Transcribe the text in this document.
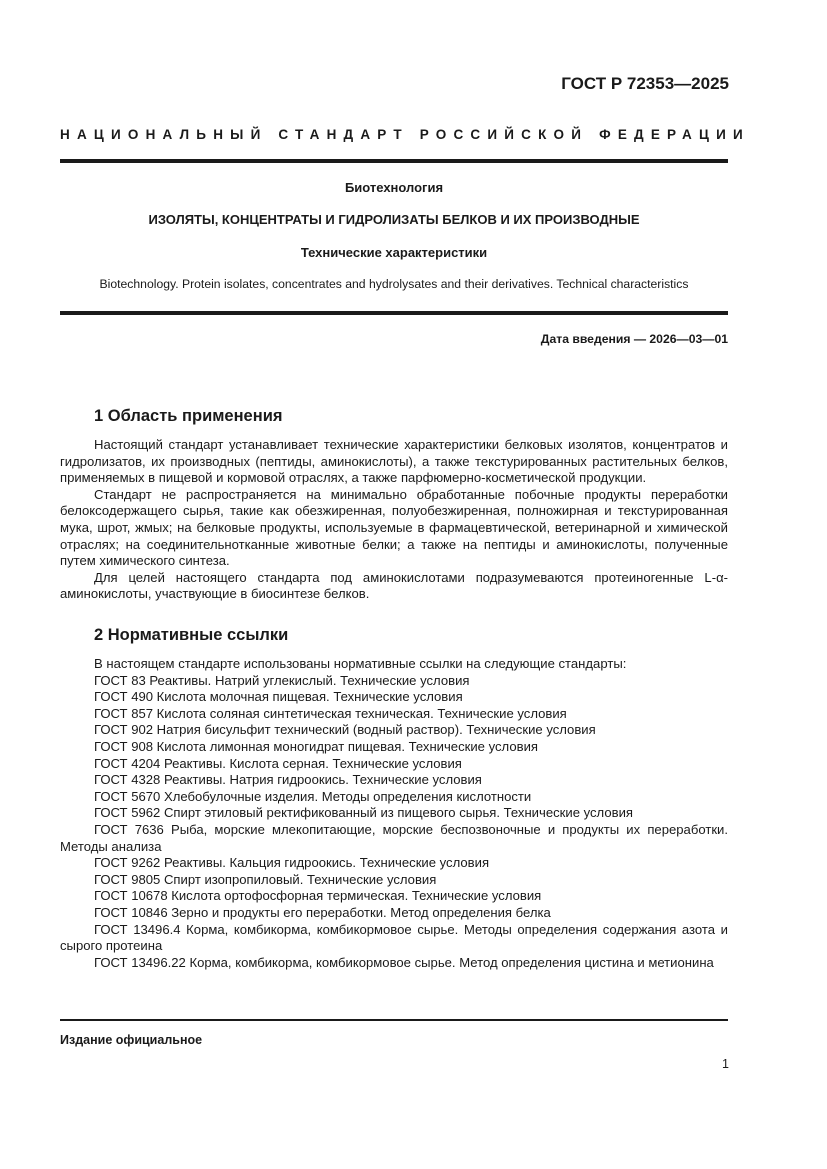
ГОСТ Р 72353—2025
НАЦИОНАЛЬНЫЙ СТАНДАРТ РОССИЙСКОЙ ФЕДЕРАЦИИ
Биотехнология
ИЗОЛЯТЫ, КОНЦЕНТРАТЫ И ГИДРОЛИЗАТЫ БЕЛКОВ И ИХ ПРОИЗВОДНЫЕ
Технические характеристики
Biotechnology. Protein isolates, concentrates and hydrolysates and their derivatives. Technical characteristics
Дата введения — 2026—03—01
1 Область применения

Настоящий стандарт устанавливает технические характеристики белковых изолятов, концентратов и гидролизатов, их производных (пептиды, аминокислоты), а также текстурированных растительных белков, применяемых в пищевой и кормовой отраслях, а также парфюмерно-косметической продукции.

Стандарт не распространяется на минимально обработанные побочные продукты переработки белоксодержащего сырья, такие как обезжиренная, полуобезжиренная, полножирная и текстурированная мука, шрот, жмых; на белковые продукты, используемые в фармацевтической, ветеринарной и химической отраслях; на соединительнотканные животные белки; а также на пептиды и аминокислоты, полученные путем химического синтеза.

Для целей настоящего стандарта под аминокислотами подразумеваются протеиногенные L-α-аминокислоты, участвующие в биосинтезе белков.

2 Нормативные ссылки

В настоящем стандарте использованы нормативные ссылки на следующие стандарты:

ГОСТ 83 Реактивы. Натрий углекислый. Технические условия

ГОСТ 490 Кислота молочная пищевая. Технические условия

ГОСТ 857 Кислота соляная синтетическая техническая. Технические условия

ГОСТ 902 Натрия бисульфит технический (водный раствор). Технические условия

ГОСТ 908 Кислота лимонная моногидрат пищевая. Технические условия

ГОСТ 4204 Реактивы. Кислота серная. Технические условия

ГОСТ 4328 Реактивы. Натрия гидроокись. Технические условия

ГОСТ 5670 Хлебобулочные изделия. Методы определения кислотности

ГОСТ 5962 Спирт этиловый ректификованный из пищевого сырья. Технические условия

ГОСТ 7636 Рыба, морские млекопитающие, морские беспозвоночные и продукты их переработки. Методы анализа

ГОСТ 9262 Реактивы. Кальция гидроокись. Технические условия

ГОСТ 9805 Спирт изопропиловый. Технические условия

ГОСТ 10678 Кислота ортофосфорная термическая. Технические условия

ГОСТ 10846 Зерно и продукты его переработки. Метод определения белка

ГОСТ 13496.4 Корма, комбикорма, комбикормовое сырье. Методы определения содержания азота и сырого протеина

ГОСТ 13496.22 Корма, комбикорма, комбикормовое сырье. Метод определения цистина и метионина

Издание официальное
1
